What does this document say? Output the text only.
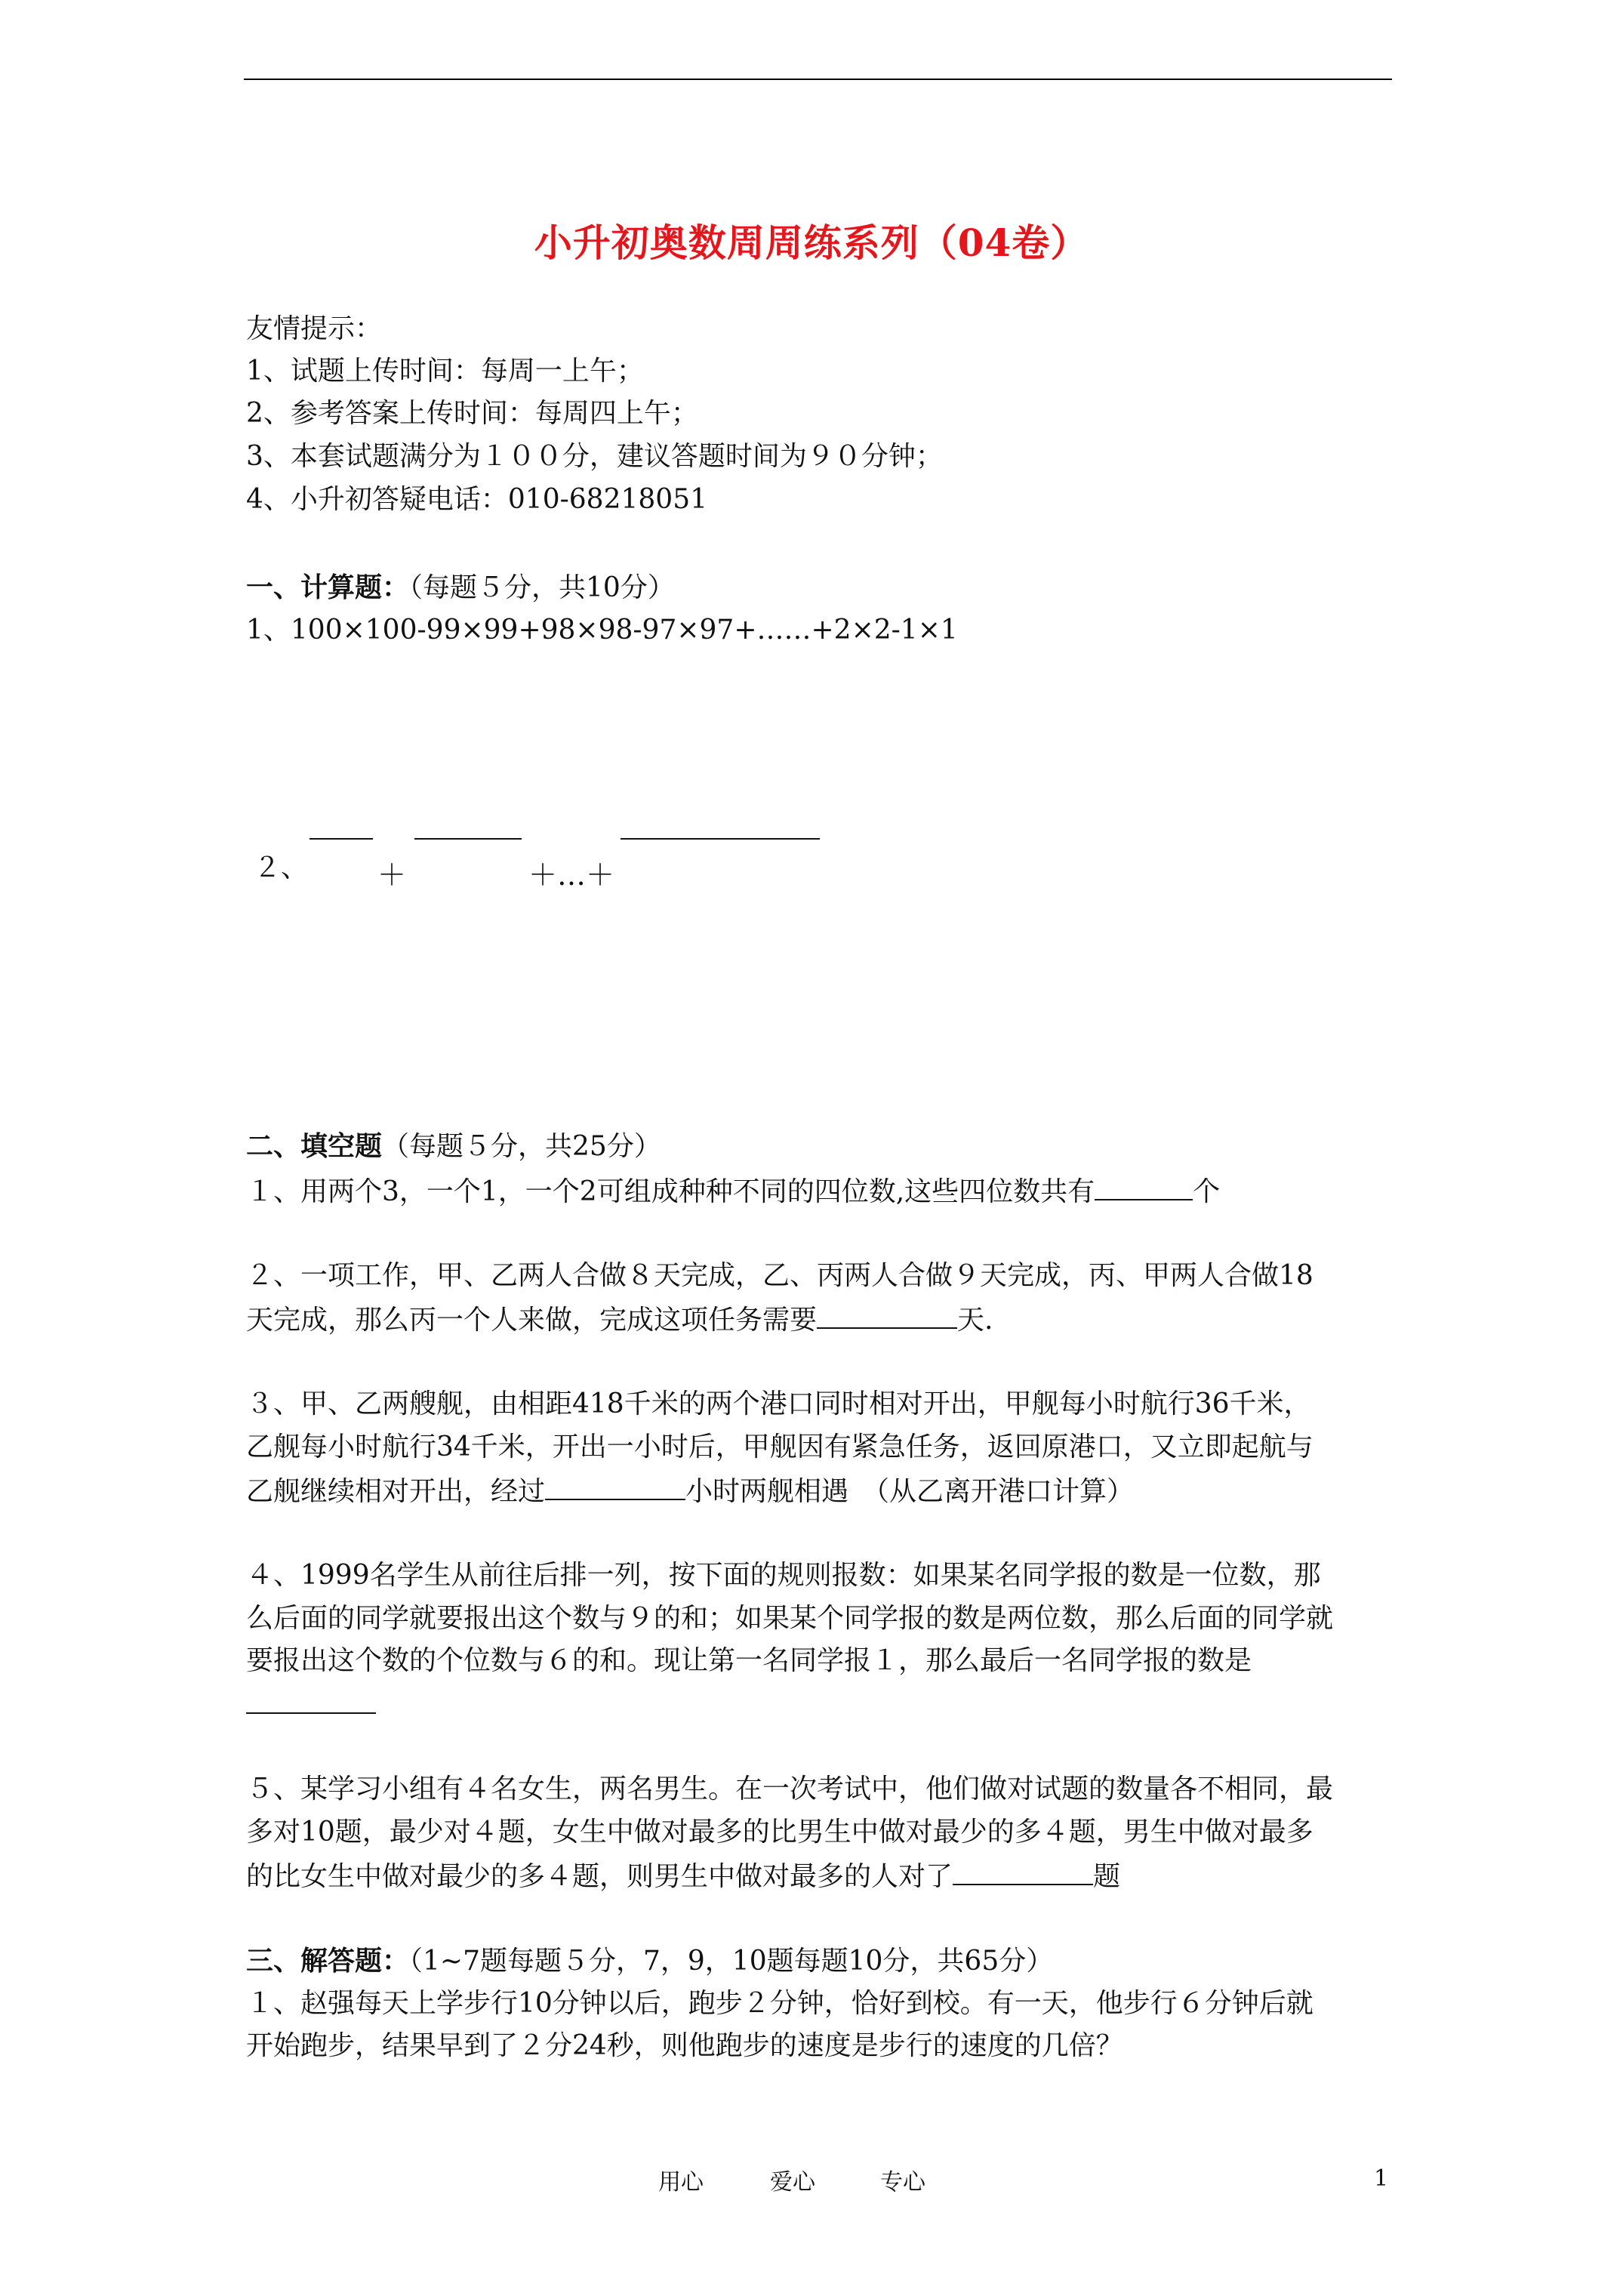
小升初奥数周周练系列（04卷）
友情提示：
1、试题上传时间：每周一上午；
2、参考答案上传时间：每周四上午；
3、本套试题满分为１００分，建议答题时间为９０分钟；
4、小升初答疑电话：010-68218051
一、计算题：（每题５分，共10分）
1、100×100-99×99+98×98-97×97+……+2×2-1×1
２、 ＋	＋…＋
二、填空题（每题５分，共25分）
１、用两个3，一个1，一个2可组成种种不同的四位数,这些四位数共有	个
２、一项工作，甲、乙两人合做８天完成，乙、丙两人合做９天完成，丙、甲两人合做18
天完成，那么丙一个人来做，完成这项任务需要	天.
３、甲、乙两艘舰，由相距418千米的两个港口同时相对开出，甲舰每小时航行36千米，
乙舰每小时航行34千米，开出一小时后，甲舰因有紧急任务，返回原港口，又立即起航与
乙舰继续相对开出，经过	小时两舰相遇　（从乙离开港口计算）
４、1999名学生从前往后排一列，按下面的规则报数：如果某名同学报的数是一位数，那
么后面的同学就要报出这个数与９的和；如果某个同学报的数是两位数，那么后面的同学就
要报出这个数的个位数与６的和。现让第一名同学报１，那么最后一名同学报的数是
５、某学习小组有４名女生，两名男生。在一次考试中，他们做对试题的数量各不相同，最
多对10题，最少对４题，女生中做对最多的比男生中做对最少的多４题，男生中做对最多
的比女生中做对最少的多４题，则男生中做对最多的人对了	题
三、解答题：（1~7题每题５分，7，9，10题每题10分，共65分）
１、赵强每天上学步行10分钟以后，跑步２分钟，恰好到校。有一天，他步行６分钟后就
开始跑步，结果早到了２分24秒，则他跑步的速度是步行的速度的几倍？
用心	爱心	专心	1
